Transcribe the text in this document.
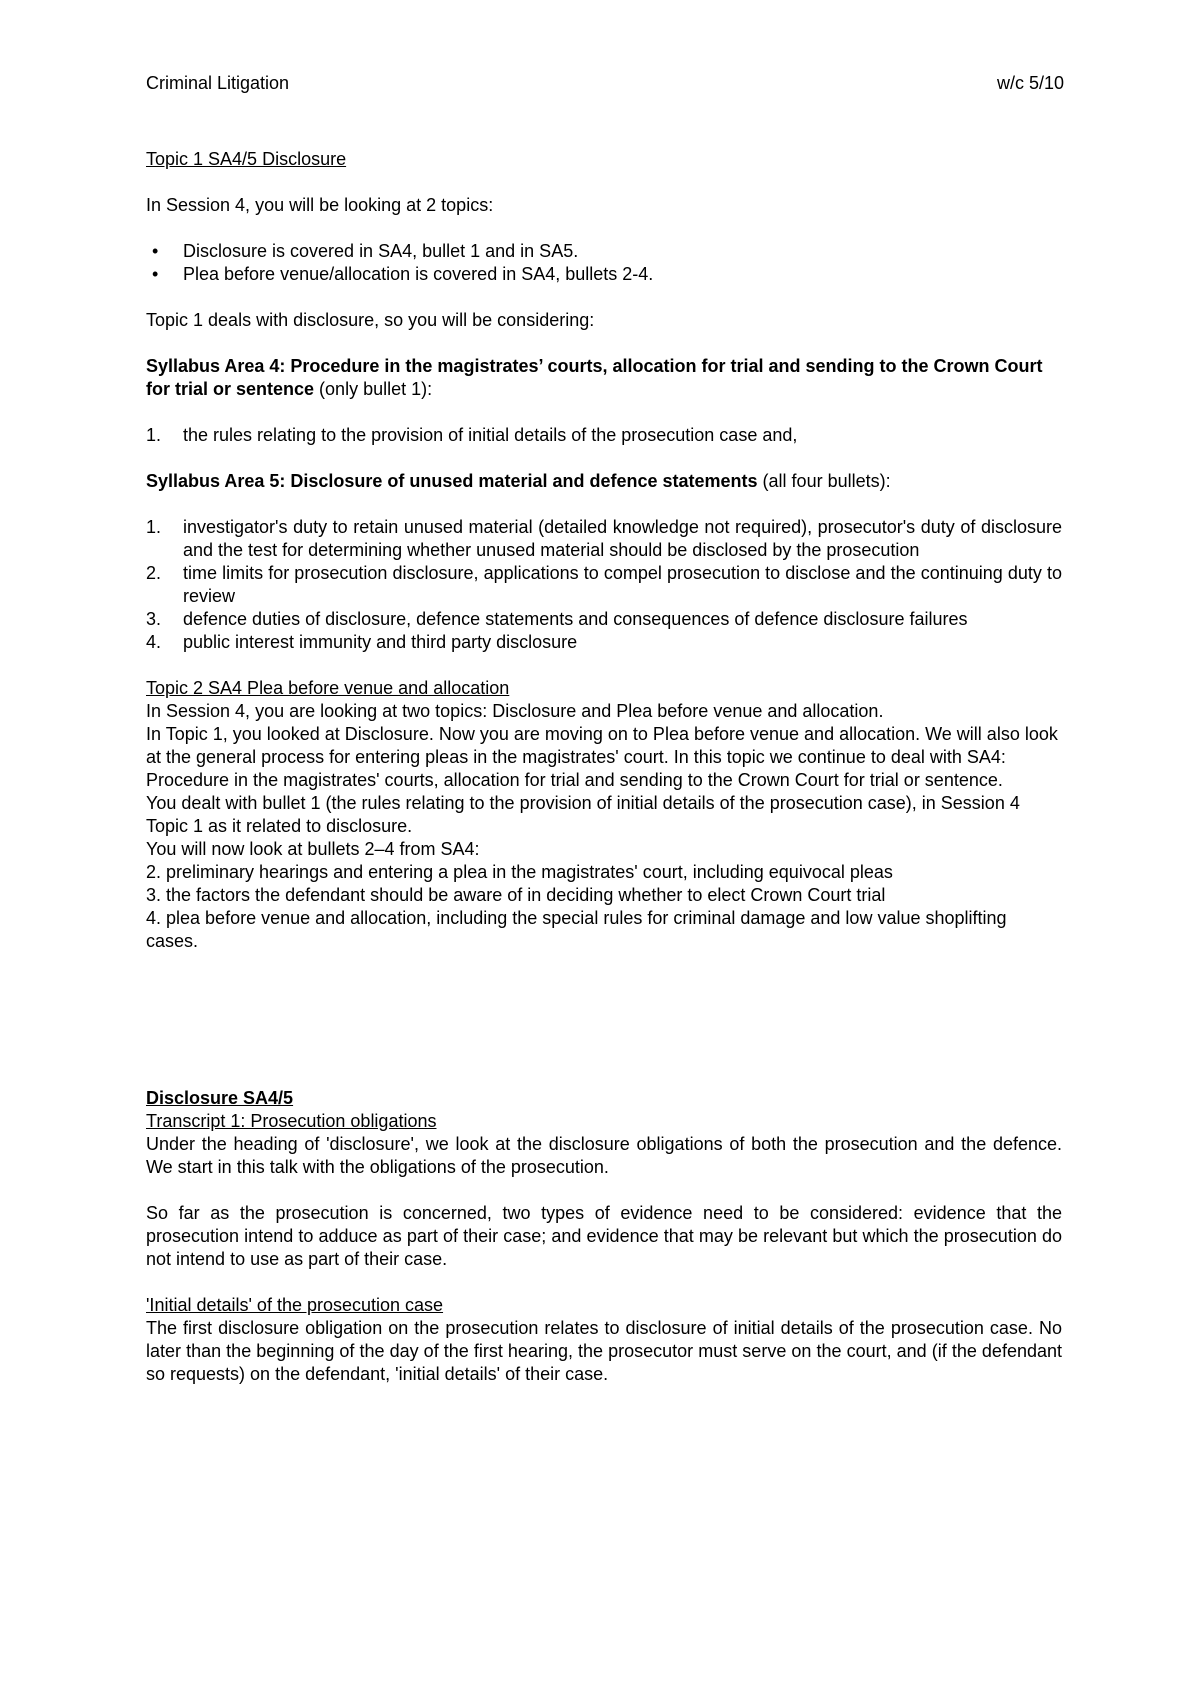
Criminal Litigation	w/c 5/10

Topic 1 SA4/5 Disclosure

In Session 4, you will be looking at 2 topics:

• Disclosure is covered in SA4, bullet 1 and in SA5.
• Plea before venue/allocation is covered in SA4, bullets 2-4.

Topic 1 deals with disclosure, so you will be considering:

Syllabus Area 4: Procedure in the magistrates’ courts, allocation for trial and sending to the Crown Court for trial or sentence (only bullet 1):

1. the rules relating to the provision of initial details of the prosecution case and,

Syllabus Area 5: Disclosure of unused material and defence statements (all four bullets):

1. investigator's duty to retain unused material (detailed knowledge not required), prosecutor's duty of disclosure and the test for determining whether unused material should be disclosed by the prosecution
2. time limits for prosecution disclosure, applications to compel prosecution to disclose and the continuing duty to review
3. defence duties of disclosure, defence statements and consequences of defence disclosure failures
4. public interest immunity and third party disclosure

Topic 2 SA4 Plea before venue and allocation

In Session 4, you are looking at two topics: Disclosure and Plea before venue and allocation.

In Topic 1, you looked at Disclosure. Now you are moving on to Plea before venue and allocation. We will also look at the general process for entering pleas in the magistrates' court. In this topic we continue to deal with SA4: Procedure in the magistrates' courts, allocation for trial and sending to the Crown Court for trial or sentence.

You dealt with bullet 1 (the rules relating to the provision of initial details of the prosecution case), in Session 4 Topic 1 as it related to disclosure.

You will now look at bullets 2–4 from SA4:

2. preliminary hearings and entering a plea in the magistrates' court, including equivocal pleas

3. the factors the defendant should be aware of in deciding whether to elect Crown Court trial

4. plea before venue and allocation, including the special rules for criminal damage and low value shoplifting cases.

Disclosure SA4/5

Transcript 1: Prosecution obligations

Under the heading of 'disclosure', we look at the disclosure obligations of both the prosecution and the defence. We start in this talk with the obligations of the prosecution.

So far as the prosecution is concerned, two types of evidence need to be considered: evidence that the prosecution intend to adduce as part of their case; and evidence that may be relevant but which the prosecution do not intend to use as part of their case.

'Initial details' of the prosecution case

The first disclosure obligation on the prosecution relates to disclosure of initial details of the prosecution case. No later than the beginning of the day of the first hearing, the prosecutor must serve on the court, and (if the defendant so requests) on the defendant, 'initial details' of their case.
